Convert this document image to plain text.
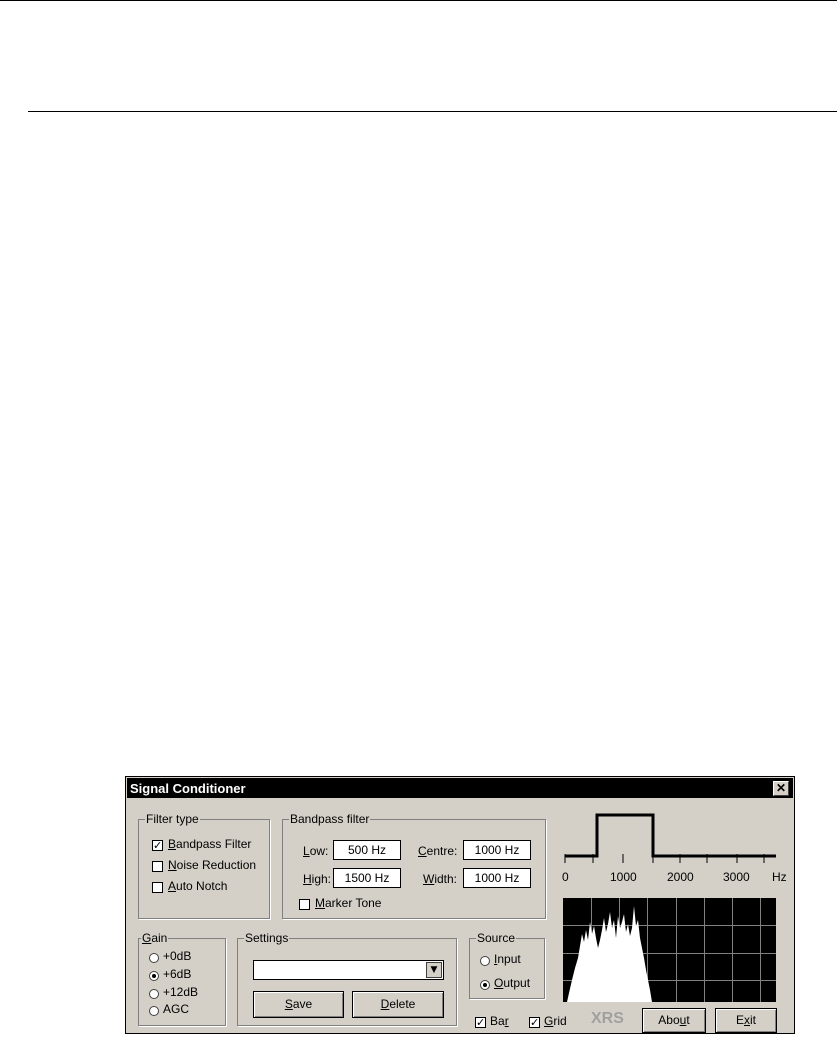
Signal Conditioner	✕
Filter type
✓ Bandpass Filter
Noise Reduction
Auto Notch
Bandpass filter
Low:	500 Hz
High:	1500 Hz
Centre:	1000 Hz
Width:	1000 Hz
Marker Tone
Gain
+0dB
+6dB
+12dB
AGC
Settings
▼
Save	Delete
Source
Input
Output
0	1000	2000 3000 Hz
✓ Bar ✓ Grid XRS	About	Exit
